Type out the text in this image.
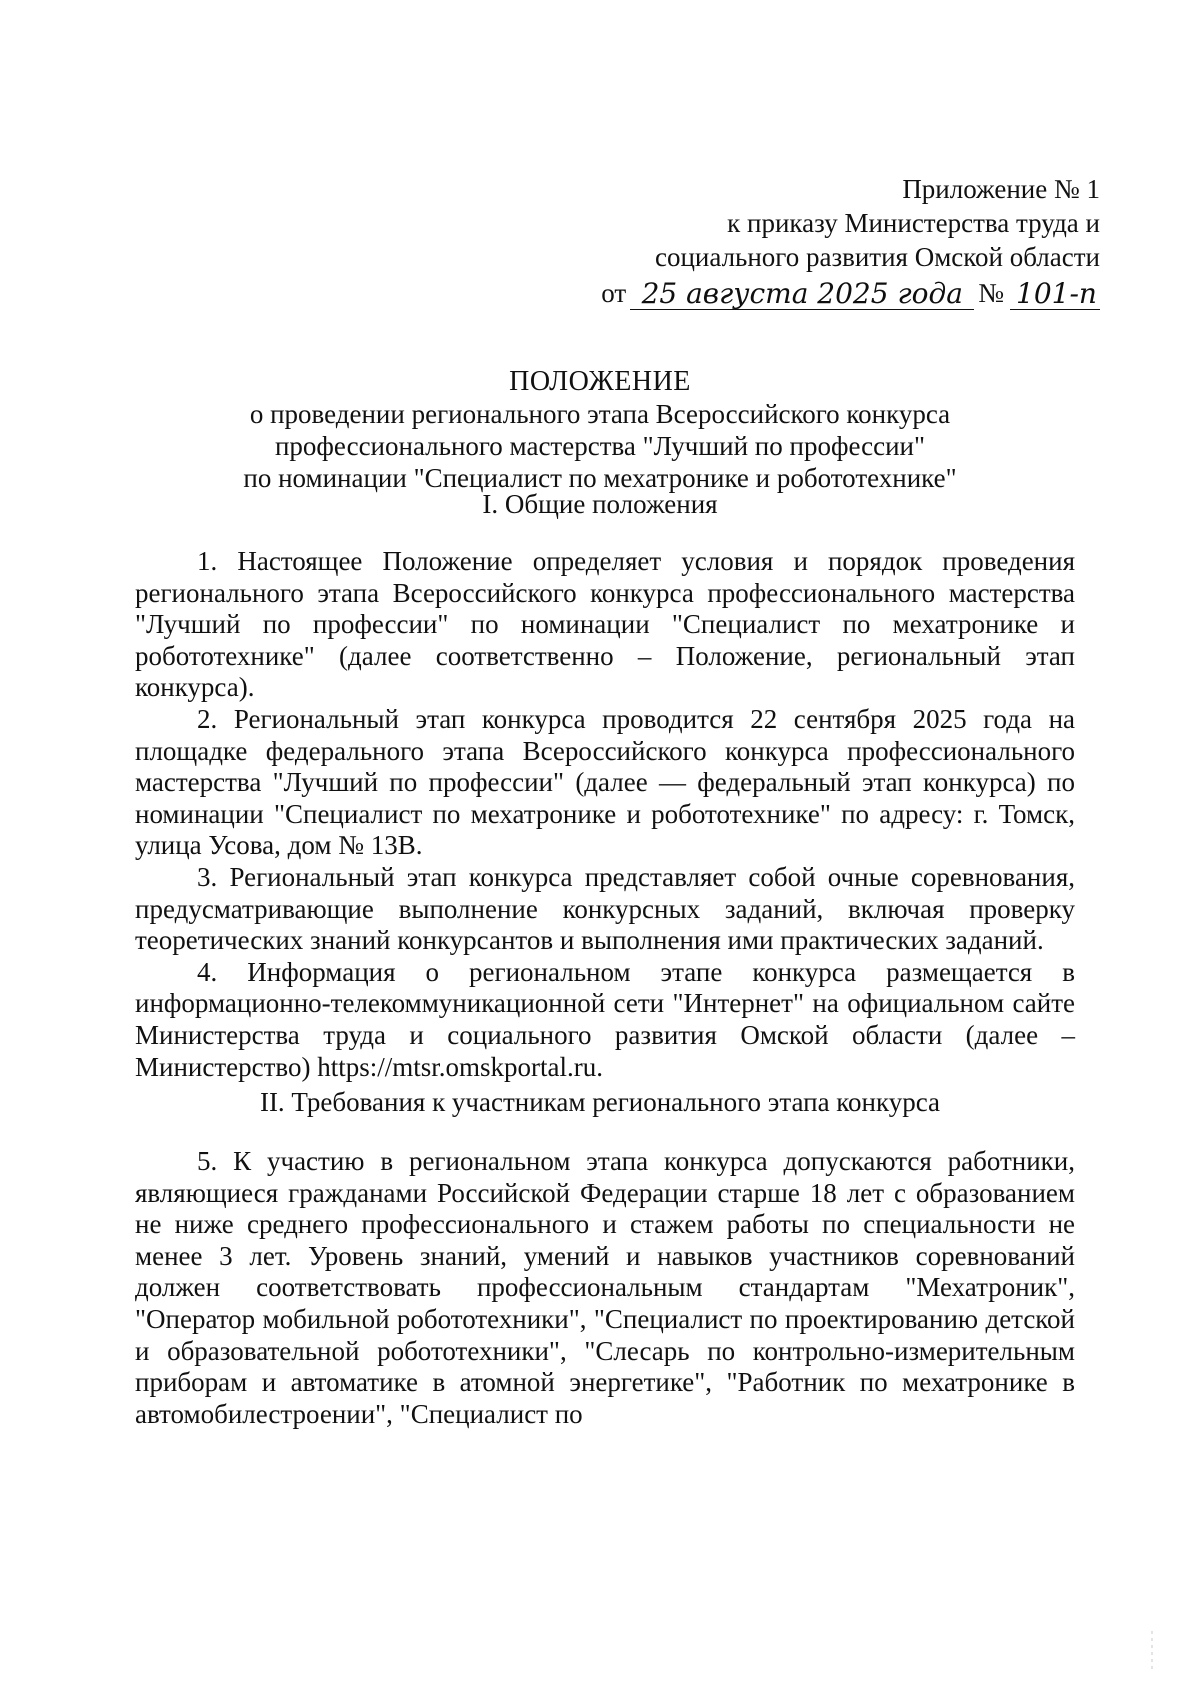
Приложение № 1
к приказу Министерства труда и
социального развития Омской области
от 25 августа 2025 года № 101-п
ПОЛОЖЕНИЕ
о проведении регионального этапа Всероссийского конкурса
профессионального мастерства "Лучший по профессии"
по номинации "Специалист по мехатронике и робототехнике"
I. Общие положения

1. Настоящее Положение определяет условия и порядок проведения регионального этапа Всероссийского конкурса профессионального мастерства "Лучший по профессии" по номинации "Специалист по мехатронике и робототехнике" (далее соответственно – Положение, региональный этап конкурса).

2. Региональный этап конкурса проводится 22 сентября 2025 года на площадке федерального этапа Всероссийского конкурса профессионального мастерства "Лучший по профессии" (далее — федеральный этап конкурса) по номинации "Специалист по мехатронике и робототехнике" по адресу: г. Томск, улица Усова, дом № 13В.

3. Региональный этап конкурса представляет собой очные соревнования, предусматривающие выполнение конкурсных заданий, включая проверку теоретических знаний конкурсантов и выполнения ими практических заданий.

4. Информация о региональном этапе конкурса размещается в информационно-телекоммуникационной сети "Интернет" на официальном сайте Министерства труда и социального развития Омской области (далее – Министерство) https://mtsr.omskportal.ru.

II. Требования к участникам регионального этапа конкурса

5. К участию в региональном этапа конкурса допускаются работники, являющиеся гражданами Российской Федерации старше 18 лет с образованием не ниже среднего профессионального и стажем работы по специальности не менее 3 лет. Уровень знаний, умений и навыков участников соревнований должен соответствовать профессиональным стандартам "Мехатроник", "Оператор мобильной робототехники", "Специалист по проектированию детской и образовательной робототехники", "Слесарь по контрольно-измерительным приборам и автоматике в атомной энергетике", "Работник по мехатронике в автомобилестроении", "Специалист по
